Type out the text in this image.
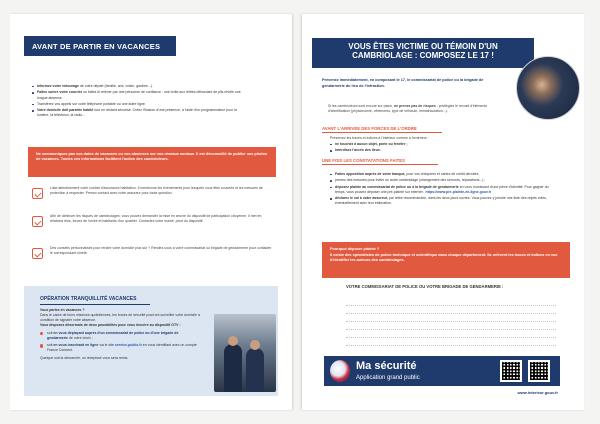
AVANT DE PARTIR EN VACANCES
Informez votre entourage de votre départ (famille, ami, voisin, gardien...).
Faites suivre votre courrier ou faites le relever par une personne de confiance : une boîte aux lettres débordant de plis révèle une longue absence.
Transférez vos appels sur votre téléphone portable ou une autre ligne.
Votre domicile doit paraître habité tout en restant sécurisé. Créez l'illusion d'une présence, à l'aide d'un programmateur pour la lumière, la télévision, la radio...
Ne communiquez pas vos dates de vacances ou vos absences sur vos réseaux sociaux. Il est déconseillé de publier vos photos de vacances. Toutes ces informations facilitent l'action des cambrioleurs.
Liste attentivement votre contrat d'assurance habitation. Il mentionne les événements pour lesquels vous êtes couverts et les mesures de protection à respecter. Prenez contact avec votre assureur pour toute question.
Afin de diminuer les risques de cambriolages, vous pouvez demander la mise en œuvre du dispositif de participation citoyenne. Il met en relations élus, forces de l'ordre et habitants d'un quartier. Contactez votre mairie, pivot du dispositif.
Des conseils personnalisés pour rendre votre domicile plus sûr ? Rendez-vous à votre commissariat ou brigade de gendarmerie pour contacter le correspondant sûreté.
OPÉRATION TRANQUILLITÉ VACANCES
Vous partez en vacances ?
Dans le cadre de leurs missions quotidiennes, les forces de sécurité pourront surveiller votre domicile à condition de signaler votre absence.
Vous disposez désormais de deux possibilités pour vous inscrire au dispositif OTV :
soit en vous déplaçant auprès d'un commissariat de police ou d'une brigade de gendarmerie de votre choix ;
soit en vous inscrivant en ligne via le site service-public.fr en vous identifiant avec un compte France Connect.
Quelque soit la démarche, un récépissé vous sera remis.
VOUS ÊTES VICTIME OU TÉMOIN D'UN CAMBRIOLAGE : COMPOSEZ LE 17 !
Prévenez immédiatement, en composant le 17, le commissariat de police ou la brigade de gendarmerie du lieu de l'infraction.
Si les cambrioleurs sont encore sur place, ne prenez pas de risques ; privilégiez le recueil d'éléments d'identification (physionomie, vêtements, type de véhicule, immatriculation...).
AVANT L'ARRIVÉE DES FORCES DE L'ORDRE
Préservez les traces et indices à l'intérieur comme à l'extérieur :
ne touchez à aucun objet, porte ou fenêtre ;
interdisez l'accès des lieux.
UNE FOIS LES CONSTATATIONS FAITES
Faites opposition auprès de votre banque, pour vos chéquiers et cartes de crédit dérobés,
prenez des mesures pour éviter un autre cambriolage (changement des serrures, réparations...) ;
déposez plainte au commissariat de police ou à la brigade de gendarmerie en vous munissant d'une pièce d'identité. Pour gagner du temps, vous pouvez déposer une pré-plainte sur internet : https://www.pre-plainte-en-ligne.gouv.fr
déclarez le vol à votre assureur, par lettre recommandée, dans les deux jours ouvrés. Vous pouvez y joindre une liste des objets volés, éventuellement avec leur estimation.
Pourquoi déposer plainte ?
Il existe des spécialistes de police technique et scientifique dans chaque département. Ils relèvent les traces et indices en vue d'identifier les auteurs des cambriolages.
VOTRE COMMISSARIAT DE POLICE OU VOTRE BRIGADE DE GENDARMERIE :
Ma sécurité
Application grand public
www.interieur.gouv.fr
